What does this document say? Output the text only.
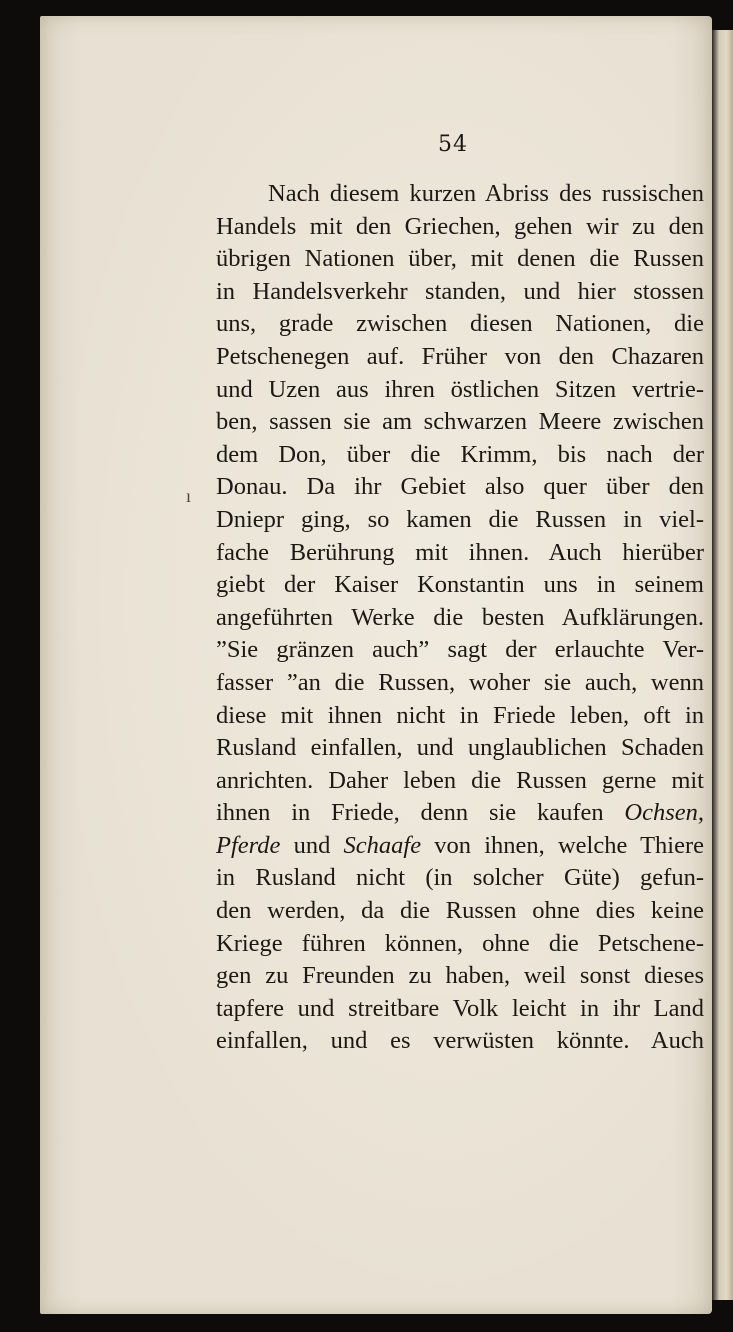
54
ı
Nach diesem kurzen Abriss des russischen
Handels mit den Griechen, gehen wir zu den
übrigen Nationen über, mit denen die Russen
in Handelsverkehr standen, und hier stossen
uns, grade zwischen diesen Nationen, die
Petschenegen auf. Früher von den Chazaren
und Uzen aus ihren östlichen Sitzen vertrie-
ben, sassen sie am schwarzen Meere zwischen
dem Don, über die Krimm, bis nach der
Donau. Da ihr Gebiet also quer über den
Dniepr ging, so kamen die Russen in viel-
fache Berührung mit ihnen. Auch hierüber
giebt der Kaiser Konstantin uns in seinem
angeführten Werke die besten Aufklärungen.
”Sie gränzen auch” sagt der erlauchte Ver-
fasser ”an die Russen, woher sie auch, wenn
diese mit ihnen nicht in Friede leben, oft in
Rusland einfallen, und unglaublichen Schaden
anrichten. Daher leben die Russen gerne mit
ihnen in Friede, denn sie kaufen Ochsen,
Pferde und Schaafe von ihnen, welche Thiere
in Rusland nicht (in solcher Güte) gefun-
den werden, da die Russen ohne dies keine
Kriege führen können, ohne die Petschene-
gen zu Freunden zu haben, weil sonst dieses
tapfere und streitbare Volk leicht in ihr Land
einfallen, und es verwüsten könnte. Auch
